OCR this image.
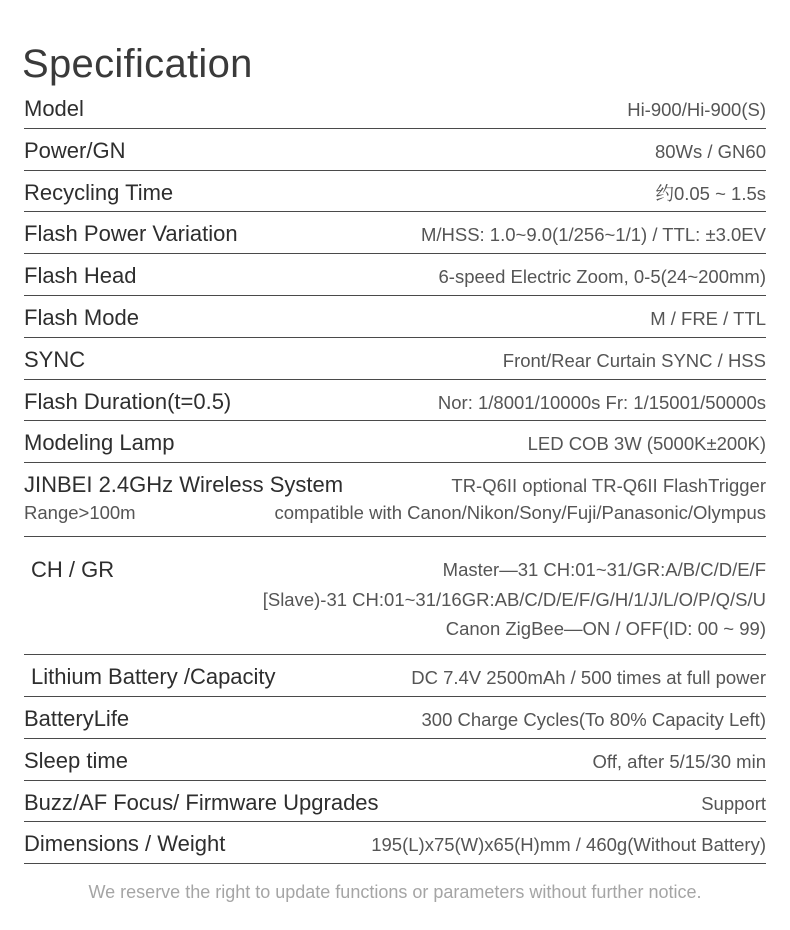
Specification
Model	Hi-900/Hi-900(S)
Power/GN	80Ws / GN60
Recycling Time	约0.05 ~ 1.5s
Flash Power Variation	M/HSS: 1.0~9.0(1/256~1/1) / TTL: ±3.0EV
Flash Head	6-speed Electric Zoom, 0-5(24~200mm)
Flash Mode	M / FRE / TTL
SYNC	Front/Rear Curtain SYNC / HSS
Flash Duration(t=0.5)	Nor: 1/8001/10000s Fr: 1/15001/50000s
Modeling Lamp	LED COB 3W (5000K±200K)
JINBEI 2.4GHz Wireless System	TR-Q6II optional TR-Q6II FlashTrigger
Range>100m	compatible with Canon/Nikon/Sony/Fuji/Panasonic/Olympus
CH / GR	Master—31 CH:01~31/GR:A/B/C/D/E/F
[Slave)-31 CH:01~31/16GR:AB/C/D/E/F/G/H/1/J/L/O/P/Q/S/U
Canon ZigBee—ON / OFF(ID: 00 ~ 99)
Lithium Battery /Capacity	DC 7.4V 2500mAh / 500 times at full power
BatteryLife	300 Charge Cycles(To 80% Capacity Left)
Sleep time	Off, after 5/15/30 min
Buzz/AF Focus/ Firmware Upgrades	Support
Dimensions / Weight	195(L)x75(W)x65(H)mm / 460g(Without Battery)
We reserve the right to update functions or parameters without further notice.
